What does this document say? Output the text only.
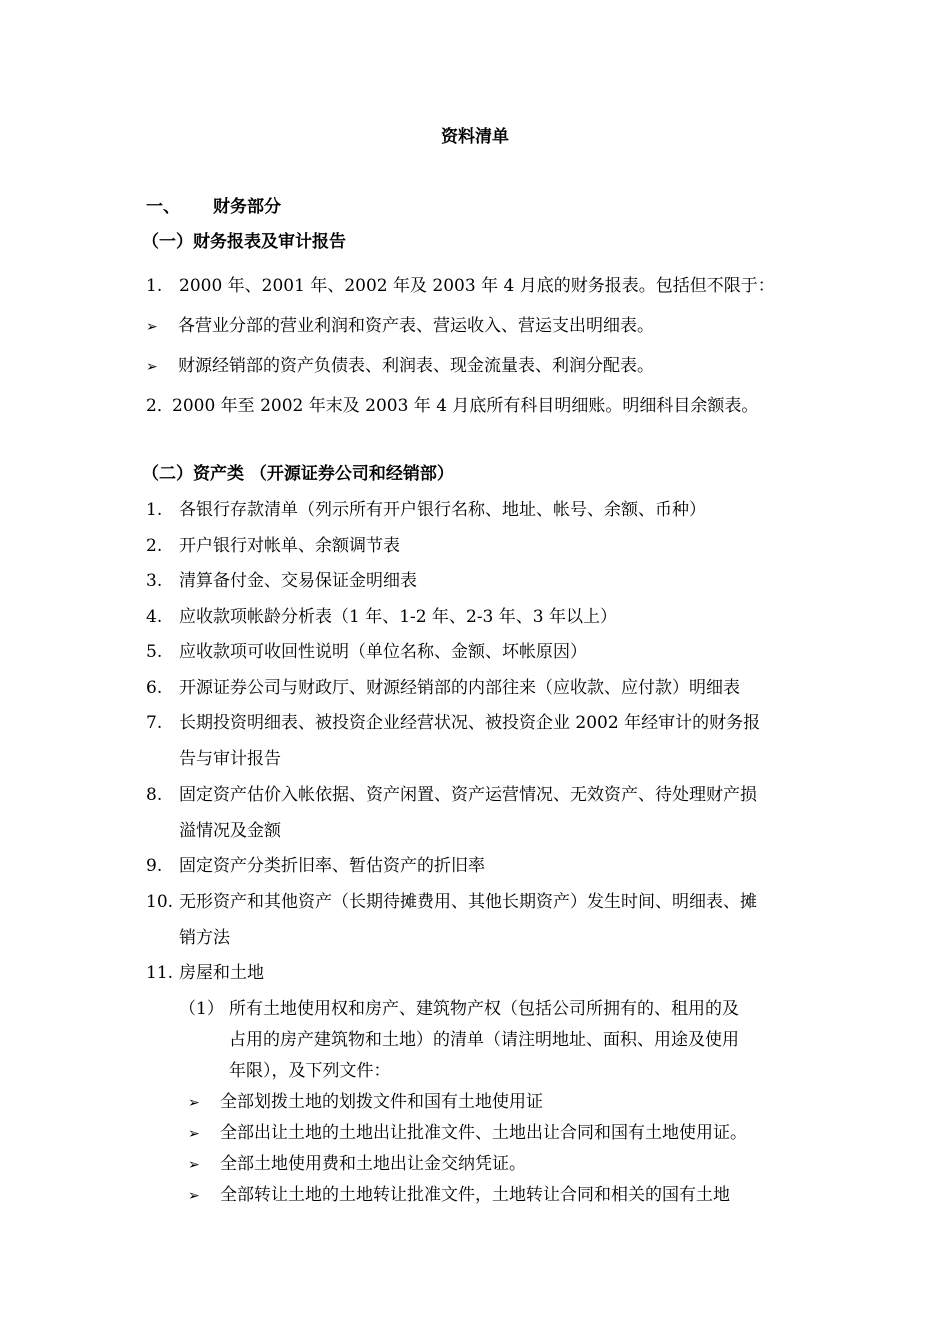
资料清单
一、 财务部分
（一）财务报表及审计报告
1. 2000 年、2001 年、2002 年及 2003 年 4 月底的财务报表。包括但不限于：
➢ 各营业分部的营业利润和资产表、营运收入、营运支出明细表。
➢ 财源经销部的资产负债表、利润表、现金流量表、利润分配表。
2．2000 年至 2002 年末及 2003 年 4 月底所有科目明细账。明细科目余额表。
（二）资产类 （开源证券公司和经销部）
1. 各银行存款清单（列示所有开户银行名称、地址、帐号、余额、币种）
2. 开户银行对帐单、余额调节表
3. 清算备付金、交易保证金明细表
4. 应收款项帐龄分析表（1 年、1-2 年、2-3 年、3 年以上）
5. 应收款项可收回性说明（单位名称、金额、坏帐原因）
6. 开源证券公司与财政厅、财源经销部的内部往来（应收款、应付款）明细表
7. 长期投资明细表、被投资企业经营状况、被投资企业 2002 年经审计的财务报
告与审计报告
8. 固定资产估价入帐依据、资产闲置、资产运营情况、无效资产、待处理财产损
溢情况及金额
9. 固定资产分类折旧率、暂估资产的折旧率
10. 无形资产和其他资产（长期待摊费用、其他长期资产）发生时间、明细表、摊
销方法
11. 房屋和土地
（1） 所有土地使用权和房产、建筑物产权（包括公司所拥有的、租用的及
占用的房产建筑物和土地）的清单（请注明地址、面积、用途及使用
年限），及下列文件：
➢ 全部划拨土地的划拨文件和国有土地使用证
➢ 全部出让土地的土地出让批准文件、土地出让合同和国有土地使用证。
➢ 全部土地使用费和土地出让金交纳凭证。
➢ 全部转让土地的土地转让批准文件，土地转让合同和相关的国有土地
